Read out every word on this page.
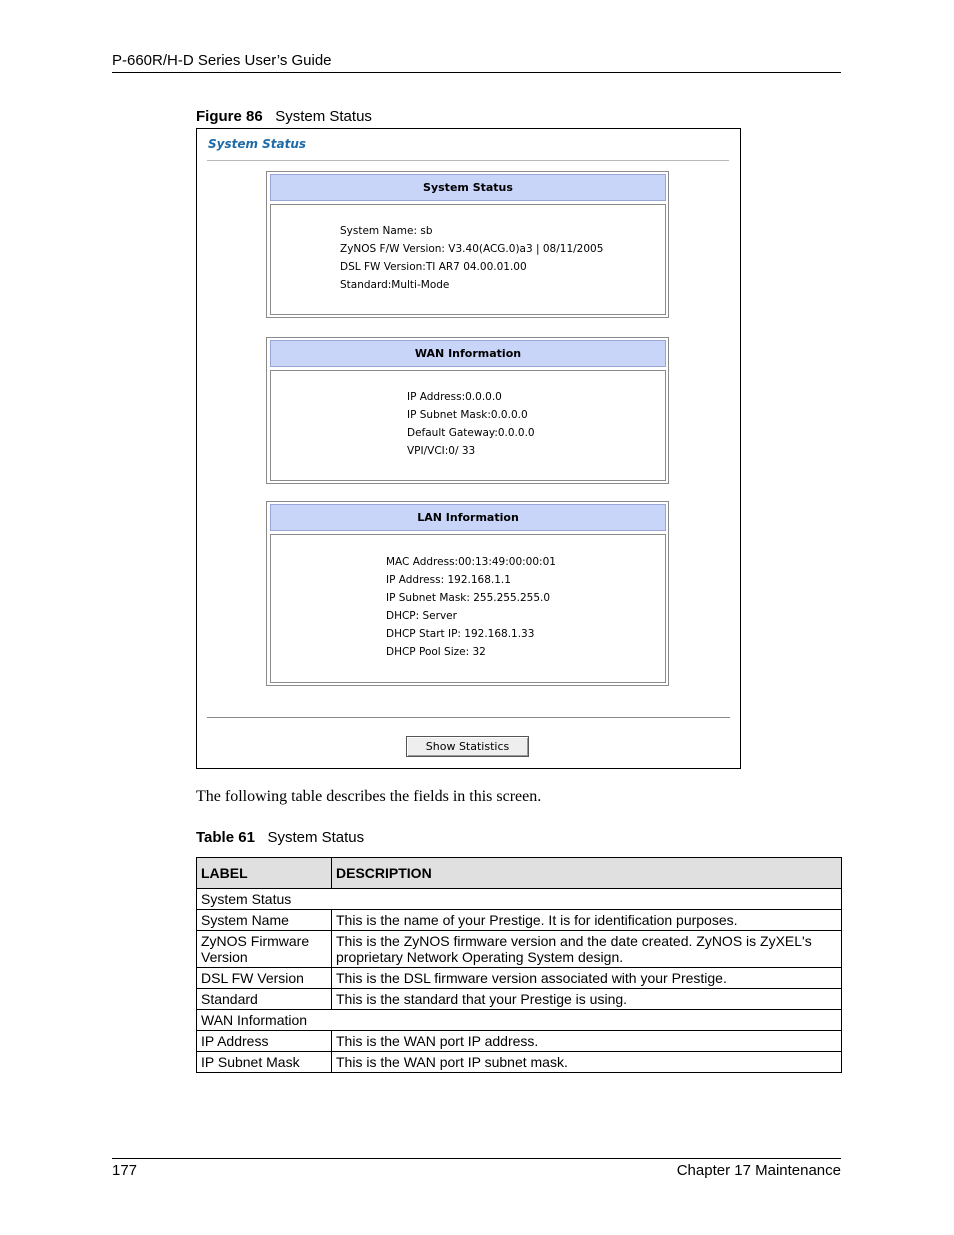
P-660R/H-D Series User’s Guide
Figure 86 System Status
System Status
System Status
System Name: sb
ZyNOS F/W Version: V3.40(ACG.0)a3 | 08/11/2005
DSL FW Version:TI AR7 04.00.01.00
Standard:Multi-Mode
WAN Information
IP Address:0.0.0.0
IP Subnet Mask:0.0.0.0
Default Gateway:0.0.0.0
VPI/VCI:0/ 33
LAN Information
MAC Address:00:13:49:00:00:01
IP Address: 192.168.1.1
IP Subnet Mask: 255.255.255.0
DHCP: Server
DHCP Start IP: 192.168.1.33
DHCP Pool Size: 32
Show Statistics
The following table describes the fields in this screen.
Table 61 System Status
LABEL	DESCRIPTION
System Status	
System Name	This is the name of your Prestige. It is for identification purposes.
ZyNOS Firmware Version	This is the ZyNOS firmware version and the date created. ZyNOS is ZyXEL's proprietary Network Operating System design.
DSL FW Version	This is the DSL firmware version associated with your Prestige.
Standard	This is the standard that your Prestige is using.
WAN Information	
IP Address	This is the WAN port IP address.
IP Subnet Mask	This is the WAN port IP subnet mask.
177	Chapter 17 Maintenance
